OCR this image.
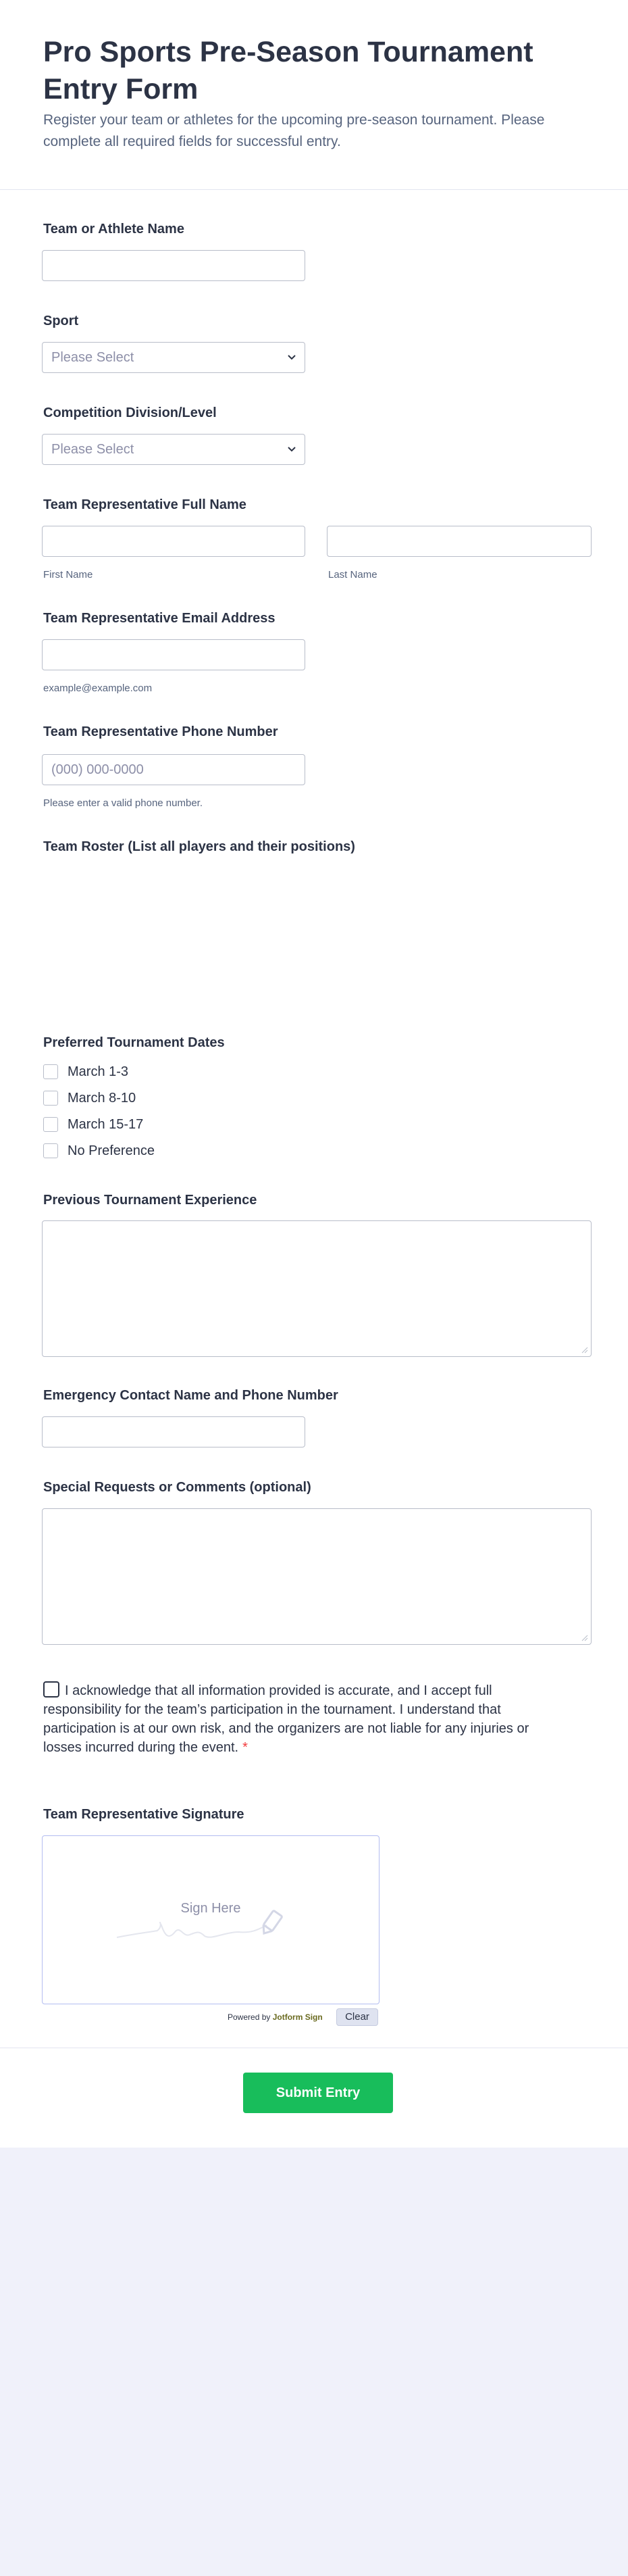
Pro Sports Pre-Season Tournament Entry Form
Register your team or athletes for the upcoming pre-season tournament. Please complete all required fields for successful entry.
Team or Athlete Name
Sport
Please Select
Competition Division/Level
Please Select
Team Representative Full Name
First Name	Last Name
Team Representative Email Address
example@example.com
Team Representative Phone Number
(000) 000-0000
Please enter a valid phone number.
Team Roster (List all players and their positions)
Preferred Tournament Dates
March 1-3
March 8-10
March 15-17
No Preference
Previous Tournament Experience
Emergency Contact Name and Phone Number
Special Requests or Comments (optional)
I acknowledge that all information provided is accurate, and I accept full responsibility for the team’s participation in the tournament. I understand that participation is at our own risk, and the organizers are not liable for any injuries or losses incurred during the event. *
Team Representative Signature
Sign Here
Powered by Jotform Sign	Clear
Submit Entry
